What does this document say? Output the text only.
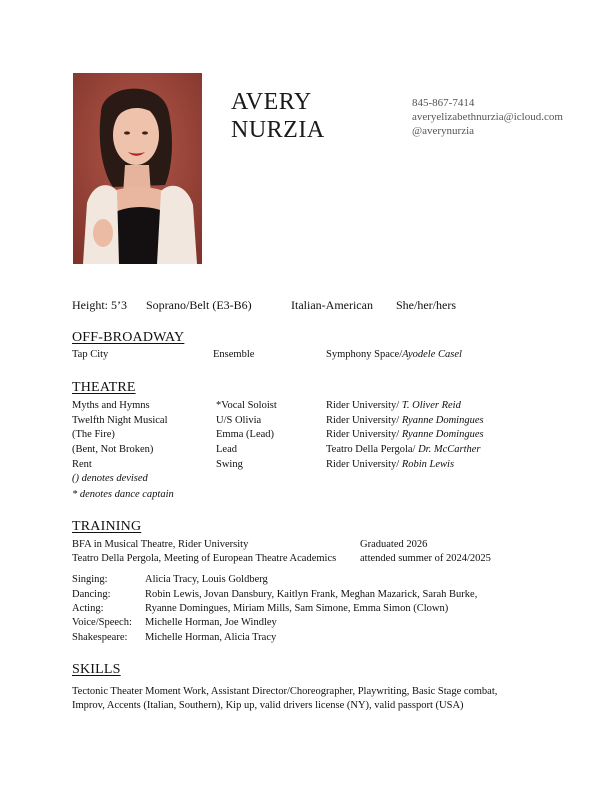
AVERY
NURZIA
845-867-7414
averyelizabethnurzia@icloud.com
@averynurzia
Height: 5’3 Soprano/Belt (E3-B6)	Italian-American She/her/hers
OFF-BROADWAY
Tap City	Ensemble	Symphony Space/Ayodele Casel
THEATRE
Myths and Hymns	*Vocal Soloist	Rider University/ T. Oliver Reid
Twelfth Night Musical	U/S Olivia	Rider University/ Ryanne Domingues
(The Fire)	Emma (Lead)	Rider University/ Ryanne Domingues
(Bent, Not Broken)	Lead	Teatro Della Pergola/ Dr. McCarther
Rent	Swing	Rider University/ Robin Lewis
() denotes devised
* denotes dance captain
TRAINING
BFA in Musical Theatre, Rider University	Graduated 2026
Teatro Della Pergola, Meeting of European Theatre Academics attended summer of 2024/2025
Singing:	Alicia Tracy, Louis Goldberg
Dancing:	Robin Lewis, Jovan Dansbury, Kaitlyn Frank, Meghan Mazarick, Sarah Burke,
Acting:	Ryanne Domingues, Miriam Mills, Sam Simone, Emma Simon (Clown)
Voice/Speech: Michelle Horman, Joe Windley
Shakespeare: Michelle Horman, Alicia Tracy
SKILLS
Tectonic Theater Moment Work, Assistant Director/Choreographer, Playwriting, Basic Stage combat,
Improv, Accents (Italian, Southern), Kip up, valid drivers license (NY), valid passport (USA)
